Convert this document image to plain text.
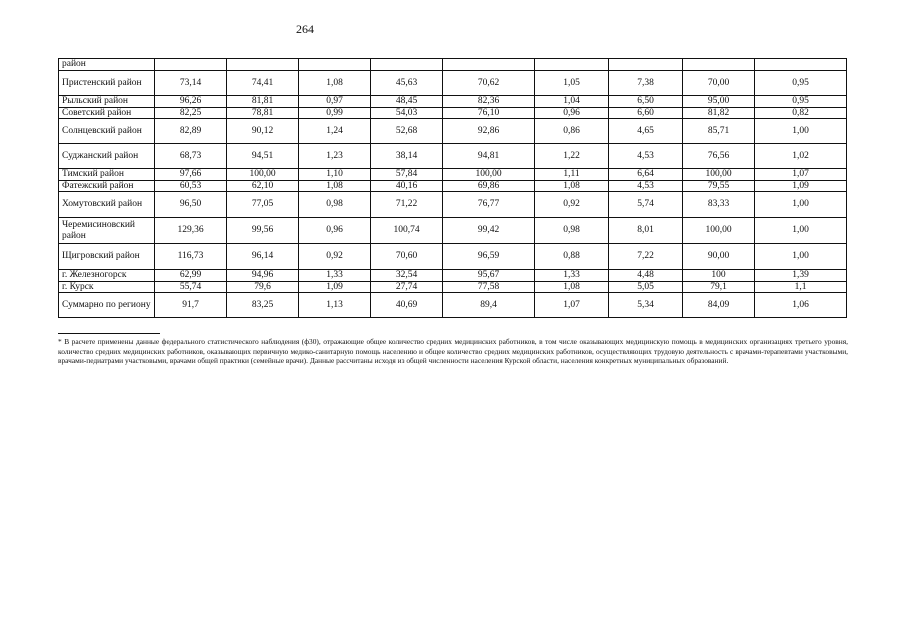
264
район									
Пристенский район	73,14	74,41	1,08	45,63	70,62	1,05	7,38	70,00	0,95
Рыльский район	96,26	81,81	0,97	48,45	82,36	1,04	6,50	95,00	0,95
Советский район	82,25	78,81	0,99	54,03	76,10	0,96	6,60	81,82	0,82
Солнцевский район	82,89	90,12	1,24	52,68	92,86	0,86	4,65	85,71	1,00
Суджанский район	68,73	94,51	1,23	38,14	94,81	1,22	4,53	76,56	1,02
Тимский район	97,66	100,00	1,10	57,84	100,00	1,11	6,64	100,00	1,07
Фатежский район	60,53	62,10	1,08	40,16	69,86	1,08	4,53	79,55	1,09
Хомутовский район	96,50	77,05	0,98	71,22	76,77	0,92	5,74	83,33	1,00
Черемисиновский район	129,36	99,56	0,96	100,74	99,42	0,98	8,01	100,00	1,00
Щигровский район	116,73	96,14	0,92	70,60	96,59	0,88	7,22	90,00	1,00
г. Железногорск	62,99	94,96	1,33	32,54	95,67	1,33	4,48	100	1,39
г. Курск	55,74	79,6	1,09	27,74	77,58	1,08	5,05	79,1	1,1
Суммарно по региону	91,7	83,25	1,13	40,69	89,4	1,07	5,34	84,09	1,06
* В расчете применены данные федерального статистического наблюдения (ф30), отражающие общее количество средних медицинских работников, в том числе оказывающих медицинскую помощь в медицинских организациях третьего уровня, количество средних медицинских работников, оказывающих первичную медико-санитарную помощь населению и общее количество средних медицинских работников, осуществляющих трудовую деятельность с врачами-терапевтами участковыми, врачами-педиатрами участковыми, врачами общей практики (семейные врачи). Данные рассчитаны исходя из общей численности населения Курской области, населения конкретных муниципальных образований.
